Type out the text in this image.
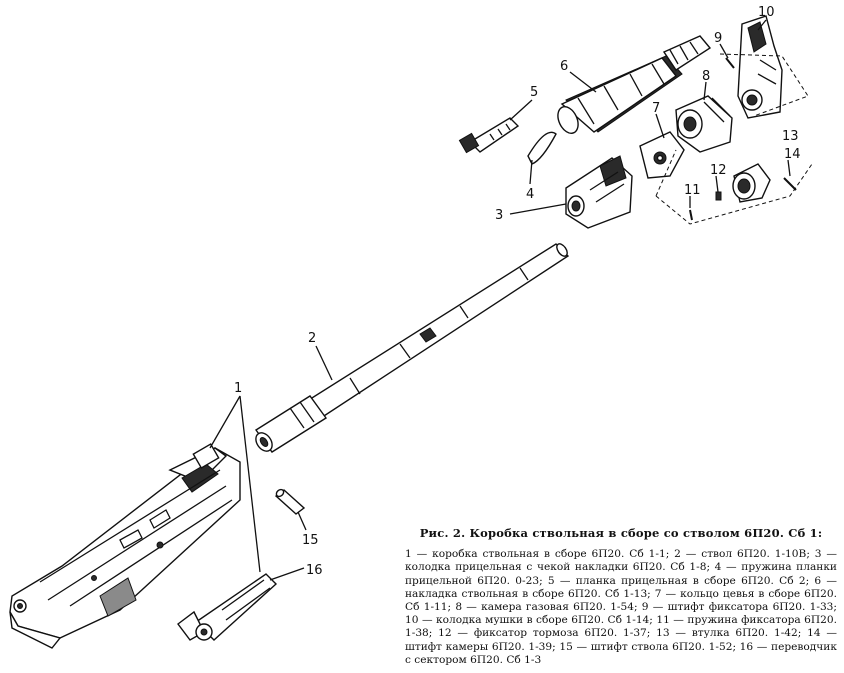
1
2
3
4
5
6
7
8
9
10
11
12
13
14
15
16
Рис. 2. Коробка ствольная в сборе со стволом 6П20. Сб 1:
1 — коробка ствольная в сборе 6П20. Сб 1-1; 2 — ствол 6П20. 1-10В; 3 — колодка прицельная с чекой накладки 6П20. Сб 1-8; 4 — пружина планки прицельной 6П20. 0-23; 5 — планка прицельная в сборе 6П20. Сб 2; 6 — накладка ствольная в сборе 6П20. Сб 1-13; 7 — кольцо цевья в сборе 6П20. Сб 1-11; 8 — камера газовая 6П20. 1-54; 9 — штифт фиксатора 6П20. 1-33; 10 — колодка мушки в сборе 6П20. Сб 1-14; 11 — пружина фиксатора 6П20. 1-38; 12 — фиксатор тормоза 6П20. 1-37; 13 — втулка 6П20. 1-42; 14 — штифт камеры 6П20. 1-39; 15 — штифт ствола 6П20. 1-52; 16 — переводчик с сектором 6П20. Сб 1-3
